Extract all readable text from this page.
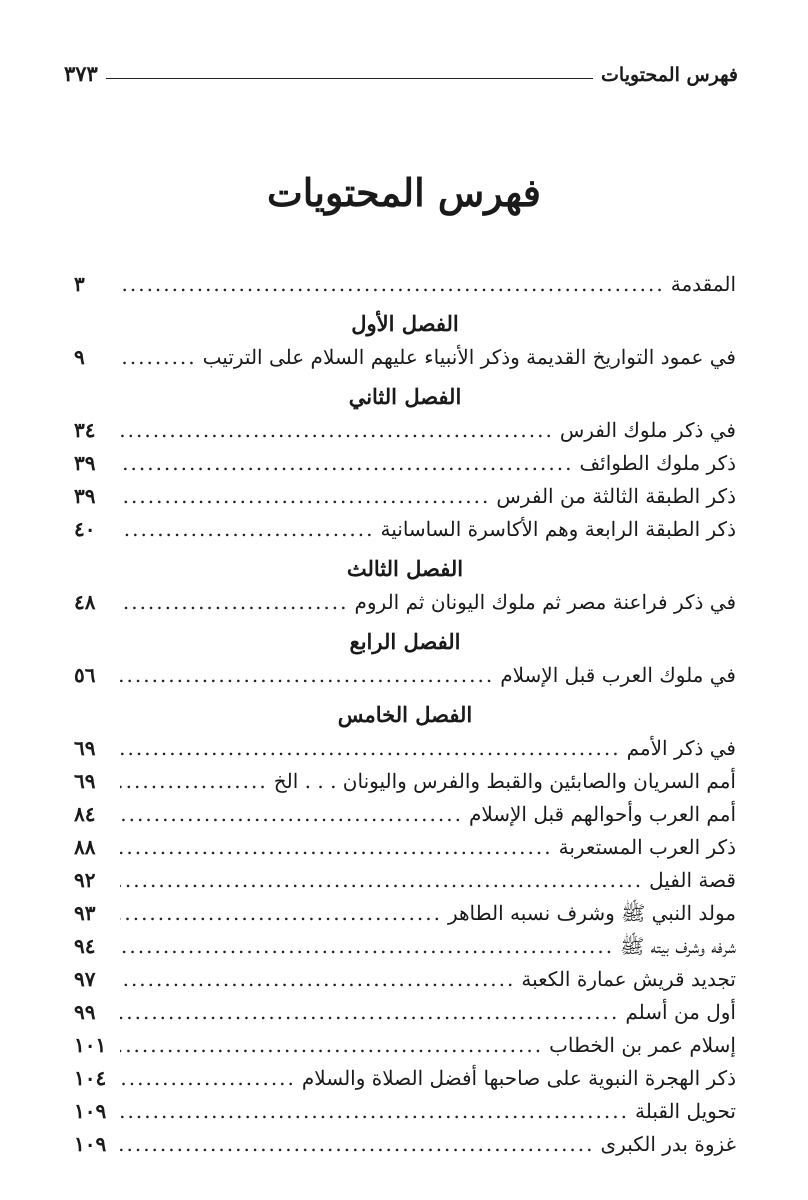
فهرس المحتويات
٣٧٣
فهرس المحتويات
المقدمة
.....
٣
الفصل الأول
في عمود التواريخ القديمة وذكر الأنبياء عليهم السلام على الترتيب
.....
٩
الفصل الثاني
في ذكر ملوك الفرس
.....
٣٤
ذكر ملوك الطوائف
.....
٣٩
ذكر الطبقة الثالثة من الفرس
.....
٣٩
ذكر الطبقة الرابعة وهم الأكاسرة الساسانية
.....
٤٠
الفصل الثالث
في ذكر فراعنة مصر ثم ملوك اليونان ثم الروم
.....
٤٨
الفصل الرابع
في ملوك العرب قبل الإسلام
.....
٥٦
الفصل الخامس
في ذكر الأمم
.....
٦٩
أمم السريان والصابئين والقبط والفرس واليونان . . . الخ
.....
٦٩
أمم العرب وأحوالهم قبل الإسلام
.....
٨٤
ذكر العرب المستعربة
.....
٨٨
قصة الفيل
.....
٩٢
مولد النبي ﷺ وشرف نسبه الطاهر
.....
٩٣
شرفه وشرف بيته ﷺ
.....
٩٤
تجديد قريش عمارة الكعبة
.....
٩٧
أول من أسلم
.....
٩٩
إسلام عمر بن الخطاب
.....
١٠١
ذكر الهجرة النبوية على صاحبها أفضل الصلاة والسلام
.....
١٠٤
تحويل القبلة
.....
١٠٩
غزوة بدر الكبرى
.....
١٠٩
